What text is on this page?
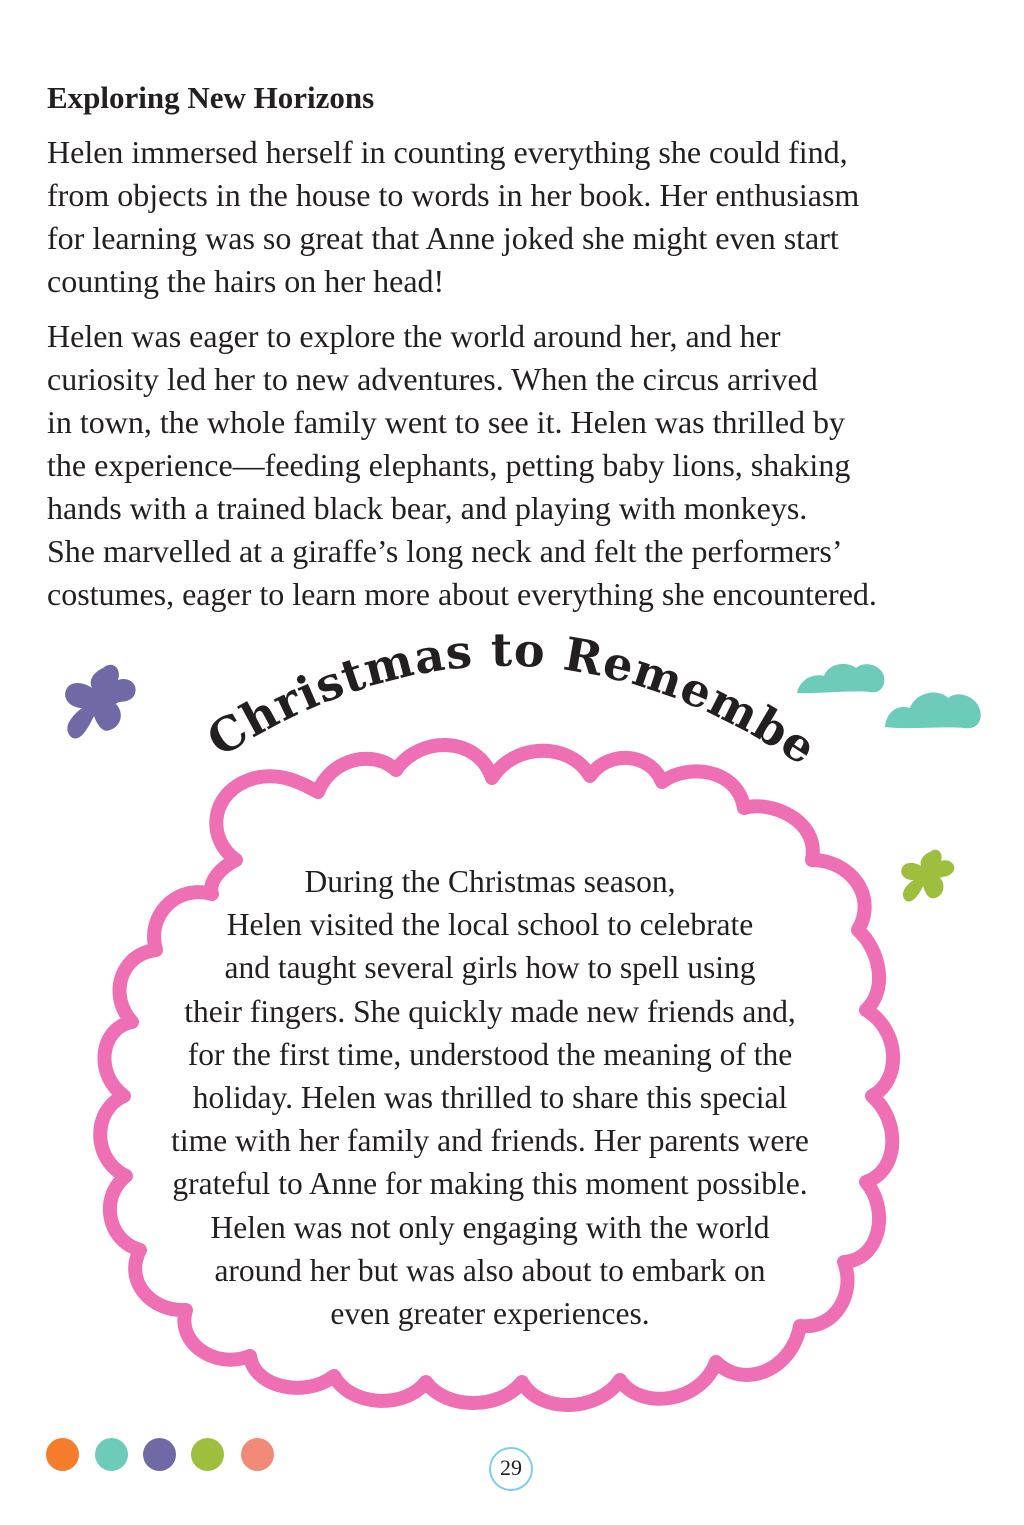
Exploring New Horizons

Helen immersed herself in counting everything she could find,
from objects in the house to words in her book. Her enthusiasm
for learning was so great that Anne joked she might even start
counting the hairs on her head!

Helen was eager to explore the world around her, and her
curiosity led her to new adventures. When the circus arrived
in town, the whole family went to see it. Helen was thrilled by
the experience—feeding elephants, petting baby lions, shaking
hands with a trained black bear, and playing with monkeys.
She marvelled at a giraffe’s long neck and felt the performers’
costumes, eager to learn more about everything she encountered.

Christmas to Remembe

During the Christmas season,
Helen visited the local school to celebrate
and taught several girls how to spell using
their fingers. She quickly made new friends and,
for the first time, understood the meaning of the
holiday. Helen was thrilled to share this special
time with her family and friends. Her parents were
grateful to Anne for making this moment possible.
Helen was not only engaging with the world
around her but was also about to embark on
even greater experiences.

29
